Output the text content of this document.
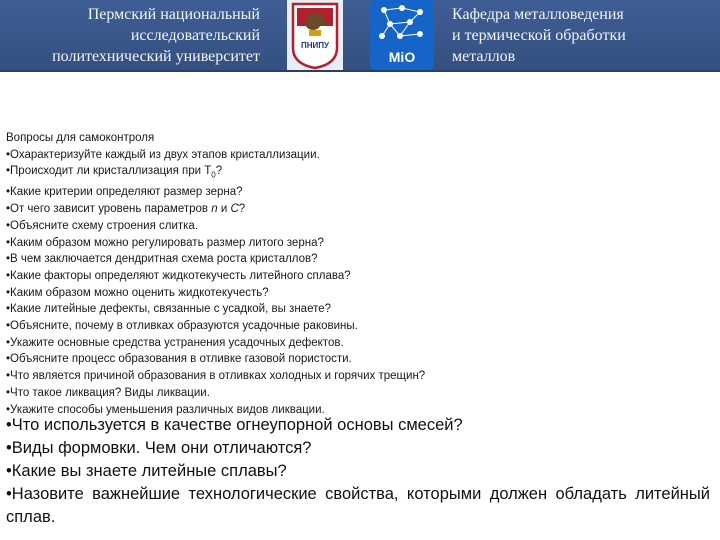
Пермский национальный
исследовательский
политехнический университет
ПНИПУ
МiO
Кафедра металловедения
и термической обработки
металлов

Вопросы для самоконтроля

•Охарактеризуйте каждый из двух этапов кристаллизации.

•Происходит ли кристаллизация при $T_0$?

•Какие критерии определяют размер зерна?

•От чего зависит уровень параметров n и C?

•Объясните схему строения слитка.

•Каким образом можно регулировать размер литого зерна?

•В чем заключается дендритная схема роста кристаллов?

•Какие факторы определяют жидкотекучесть литейного сплава?

•Каким образом можно оценить жидкотекучесть?

•Какие литейные дефекты, связанные с усадкой, вы знаете?

•Объясните, почему в отливках образуются усадочные раковины.

•Укажите основные средства устранения усадочных дефектов.

•Объясните процесс образования в отливке газовой пористости.

•Что является причиной образования в отливках холодных и горячих трещин?

•Что такое ликвация? Виды ликвации.

•Укажите способы уменьшения различных видов ликвации.

•Что используется в качестве огнеупорной основы смесей?

•Виды формовки. Чем они отличаются?

•Какие вы знаете литейные сплавы?

•Назовите важнейшие технологические свойства, которыми должен обладать литейный сплав.
